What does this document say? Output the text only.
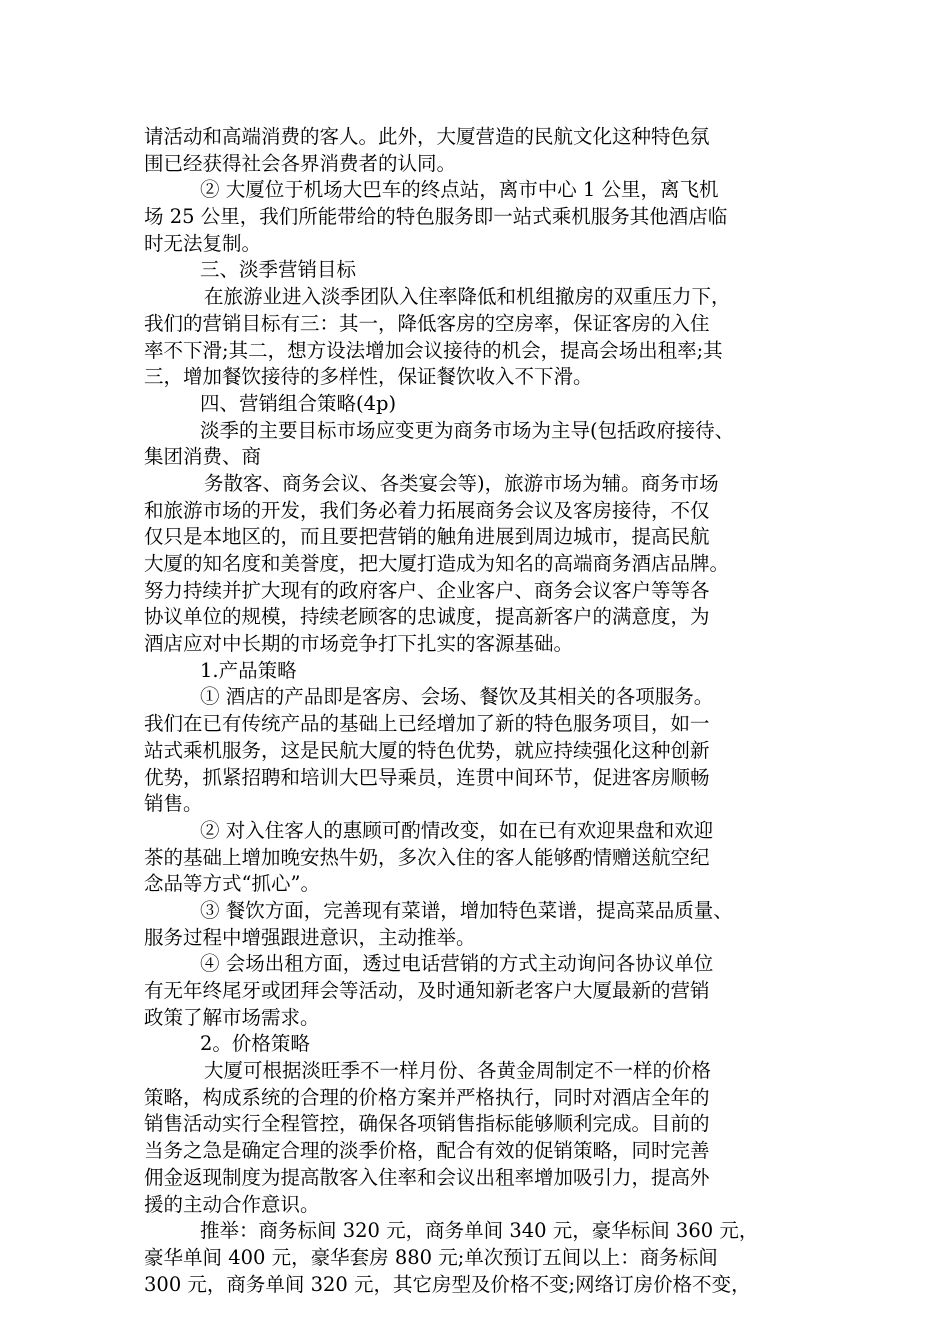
请活动和高端消费的客人。此外，大厦营造的民航文化这种特色氛
围已经获得社会各界消费者的认同。
② 大厦位于机场大巴车的终点站，离市中心 1 公里，离飞机
场 25 公里，我们所能带给的特色服务即一站式乘机服务其他酒店临
时无法复制。
三、淡季营销目标
在旅游业进入淡季团队入住率降低和机组撤房的双重压力下，
我们的营销目标有三：其一，降低客房的空房率，保证客房的入住
率不下滑;其二，想方设法增加会议接待的机会，提高会场出租率;其
三，增加餐饮接待的多样性，保证餐饮收入不下滑。
四、营销组合策略(4p)
淡季的主要目标市场应变更为商务市场为主导(包括政府接待、
集团消费、商
务散客、商务会议、各类宴会等)，旅游市场为辅。商务市场
和旅游市场的开发，我们务必着力拓展商务会议及客房接待，不仅
仅只是本地区的，而且要把营销的触角进展到周边城市，提高民航
大厦的知名度和美誉度，把大厦打造成为知名的高端商务酒店品牌。
努力持续并扩大现有的政府客户、企业客户、商务会议客户等等各
协议单位的规模，持续老顾客的忠诚度，提高新客户的满意度，为
酒店应对中长期的市场竞争打下扎实的客源基础。
1.产品策略
① 酒店的产品即是客房、会场、餐饮及其相关的各项服务。
我们在已有传统产品的基础上已经增加了新的特色服务项目，如一
站式乘机服务，这是民航大厦的特色优势，就应持续强化这种创新
优势，抓紧招聘和培训大巴导乘员，连贯中间环节，促进客房顺畅
销售。
② 对入住客人的惠顾可酌情改变，如在已有欢迎果盘和欢迎
茶的基础上增加晚安热牛奶，多次入住的客人能够酌情赠送航空纪
念品等方式“抓心”。
③ 餐饮方面，完善现有菜谱，增加特色菜谱，提高菜品质量、
服务过程中增强跟进意识，主动推举。
④ 会场出租方面，透过电话营销的方式主动询问各协议单位
有无年终尾牙或团拜会等活动，及时通知新老客户大厦最新的营销
政策了解市场需求。
2。价格策略
大厦可根据淡旺季不一样月份、各黄金周制定不一样的价格
策略，构成系统的合理的价格方案并严格执行，同时对酒店全年的
销售活动实行全程管控，确保各项销售指标能够顺利完成。目前的
当务之急是确定合理的淡季价格，配合有效的促销策略，同时完善
佣金返现制度为提高散客入住率和会议出租率增加吸引力，提高外
援的主动合作意识。
推举：商务标间 320 元，商务单间 340 元，豪华标间 360 元，
豪华单间 400 元，豪华套房 880 元;单次预订五间以上：商务标间
300 元，商务单间 320 元，其它房型及价格不变;网络订房价格不变，
